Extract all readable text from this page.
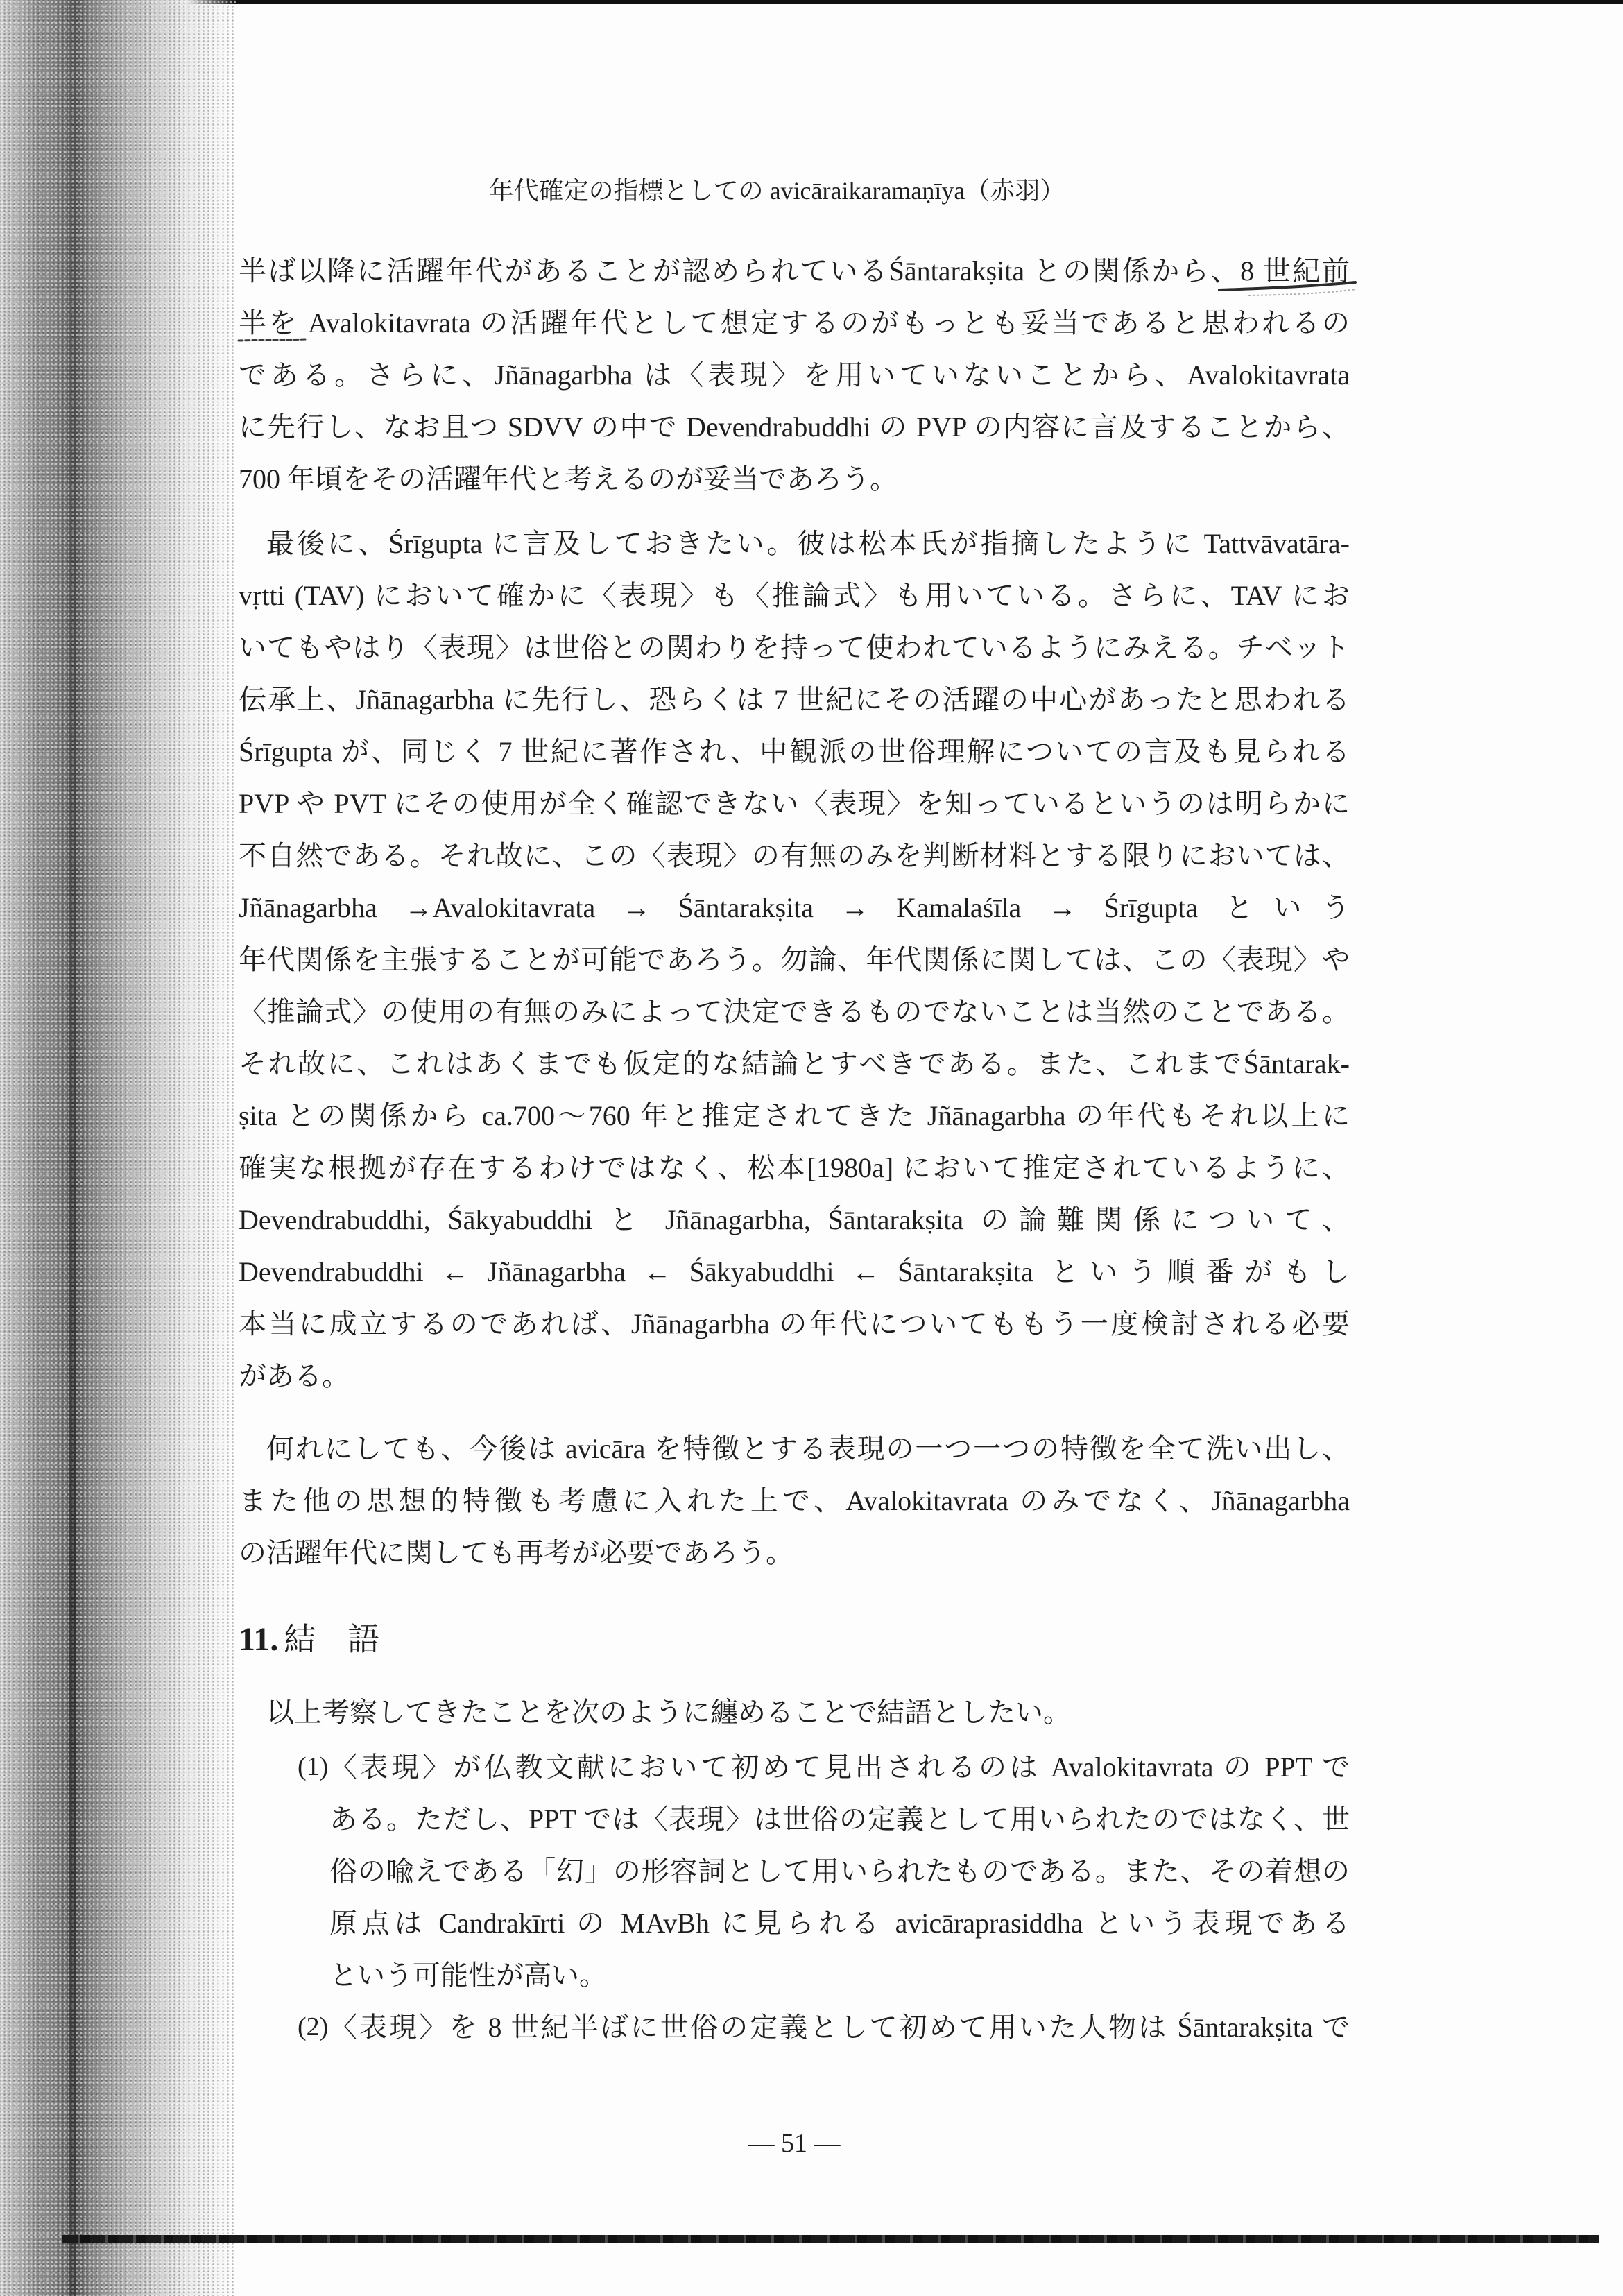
年代確定の指標としての avicāraikaramaṇīya（赤羽）
半ば以降に活躍年代があることが認められているŚāntarakṣita との関係から、8 世紀前
半を Avalokitavrata の活躍年代として想定するのがもっとも妥当であると思われるの
である。さらに、Jñānagarbha は〈表現〉を用いていないことから、Avalokitavrata
に先行し、なお且つ SDVV の中で Devendrabuddhi の PVP の内容に言及することから、
700 年頃をその活躍年代と考えるのが妥当であろう。
最後に、Śrīgupta に言及しておきたい。彼は松本氏が指摘したように Tattvāvatāra-
vṛtti (TAV) において確かに〈表現〉も〈推論式〉も用いている。さらに、TAV にお
いてもやはり〈表現〉は世俗との関わりを持って使われているようにみえる。チベット
伝承上、Jñānagarbha に先行し、恐らくは 7 世紀にその活躍の中心があったと思われる
Śrīgupta が、同じく 7 世紀に著作され、中観派の世俗理解についての言及も見られる
PVP や PVT にその使用が全く確認できない〈表現〉を知っているというのは明らかに
不自然である。それ故に、この〈表現〉の有無のみを判断材料とする限りにおいては、
Jñānagarbha →Avalokitavrata → Śāntarakṣita → Kamalaśīla → Śrīgupta という
年代関係を主張することが可能であろう。勿論、年代関係に関しては、この〈表現〉や
〈推論式〉の使用の有無のみによって決定できるものでないことは当然のことである。
それ故に、これはあくまでも仮定的な結論とすべきである。また、これまでŚāntarak-
ṣita との関係から ca.700〜760 年と推定されてきた Jñānagarbha の年代もそれ以上に
確実な根拠が存在するわけではなく、松本[1980a] において推定されているように、
Devendrabuddhi, Śākyabuddhi と Jñānagarbha, Śāntarakṣita の論難関係について、
Devendrabuddhi ← Jñānagarbha ← Śākyabuddhi ← Śāntarakṣita という順番がもし
本当に成立するのであれば、Jñānagarbha の年代についてももう一度検討される必要
がある。
何れにしても、今後は avicāra を特徴とする表現の一つ一つの特徴を全て洗い出し、
また他の思想的特徴も考慮に入れた上で、Avalokitavrata のみでなく、Jñānagarbha
の活躍年代に関しても再考が必要であろう。
11. 結　語
以上考察してきたことを次のように纏めることで結語としたい。
(1) 〈表現〉が仏教文献において初めて見出されるのは Avalokitavrata の PPT で
ある。ただし、PPT では〈表現〉は世俗の定義として用いられたのではなく、世
俗の喩えである「幻」の形容詞として用いられたものである。また、その着想の
原点は Candrakīrti の MAvBh に見られる avicāraprasiddha という表現である
という可能性が高い。
(2) 〈表現〉を 8 世紀半ばに世俗の定義として初めて用いた人物は Śāntarakṣita で
— 51 —
